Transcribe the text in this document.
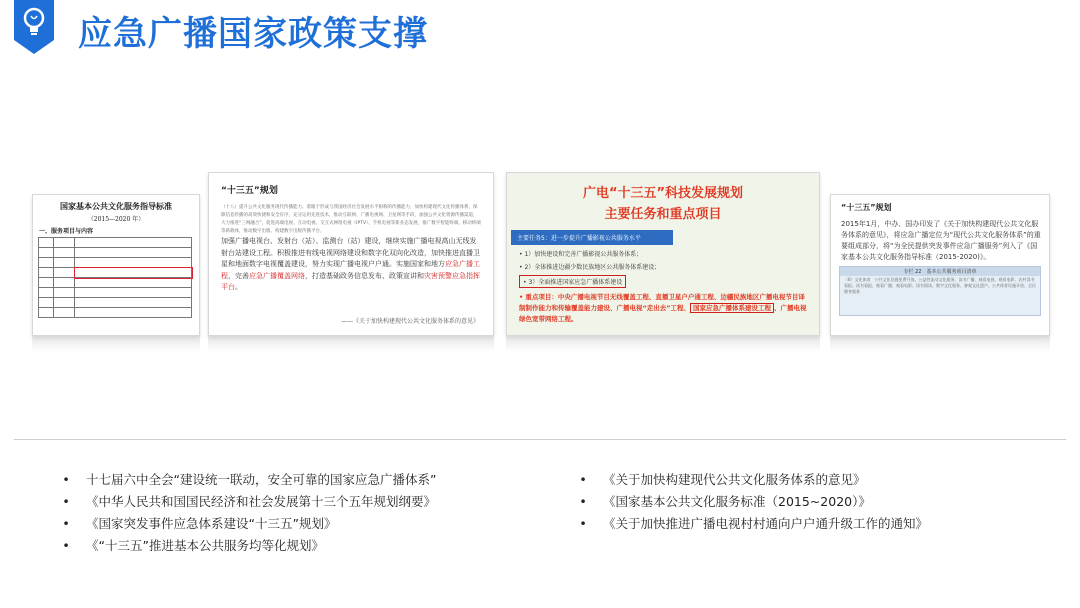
应急广播国家政策支撑
国家基本公共文化服务指导标准
（2015—2020 年）
一、服务项目与内容

“十三五”规划
（十八）提升公共文化服务现代传播能力。着眼于形成与我国经济社会发展水平相称的传播能力，加快构建现代文化传播体系，保障信息传播的高效快捷和安全有序，充分运用先进技术，推动互联网、广播电视网、卫星网等手段，加强公共文化资源传播渠道，大力推进“三网融合”，促进高端电视、互动电视、交互式网络电视（IPTV）、手机电视等新业态发展，推广数字智能终端、移动终端等新载体，推动数字出版、构建数字出版传播平台。
加强广播电视台、发射台（站）、监测台（站）建设，继续实施广播电视高山无线发射台站建设工程。积极推进有线电视网络建设和数字化双向化改造，加快推进直播卫星和地面数字电视覆盖建设，努力实现广播电视户户通。实施国家和地方应急广播工程，完善应急广播覆盖网络，打造基础政务信息发布、政策宣讲和灾害预警应急指挥平台。
——《关于加快构建现代公共文化服务体系的意见》
广电“十三五”科技发展规划
主要任务和重点项目
主要任务5：进一步提升广播影视公共服务水平
• 1）加快建设和完善广播影视公共服务体系；
• 2）全体推进边疆少数民族地区公共服务体系建设；
• 3）全面推进国家应急广播体系建设
• 重点项目：中央广播电视节目无线覆盖工程、直播卫星户户通工程、边疆民族地区广播电视节目译制制作能力和传输覆盖能力建设、广播电视“走出去”工程、 国家应急广播体系建设工程 、广播电视绿色宽带网络工程。
“十三五”规划
2015年1月，中办、国办印发了《关于加快构建现代公共文化服务体系的意见》，将应急广播定位为“现代公共文化服务体系”的重要组成部分，将“为全民提供突发事件应急广播服务”列入了《国家基本公共文化服务指导标准（2015-2020)》。
专栏 22　基本公共服务项目清单
（6）文化体育　公共文化设施免费开放、公益性流动文化服务、读书广播、观看电视、观看电影、农村读书看报、读书看报、观看广播、观看电影、读书阅读、数字文化服务、参观文化遗产、公共体育设施开放、全民健身服务
• 十七届六中全会“建设统一联动，安全可靠的国家应急广播体系”
• 《中华人民共和国国民经济和社会发展第十三个五年规划纲要》
• 《国家突发事件应急体系建设“十三五”规划》
• 《“十三五”推进基本公共服务均等化规划》
• 《关于加快构建现代公共文化服务体系的意见》
• 《国家基本公共文化服务标准（2015~2020）》
• 《关于加快推进广播电视村村通向户户通升级工作的通知》
